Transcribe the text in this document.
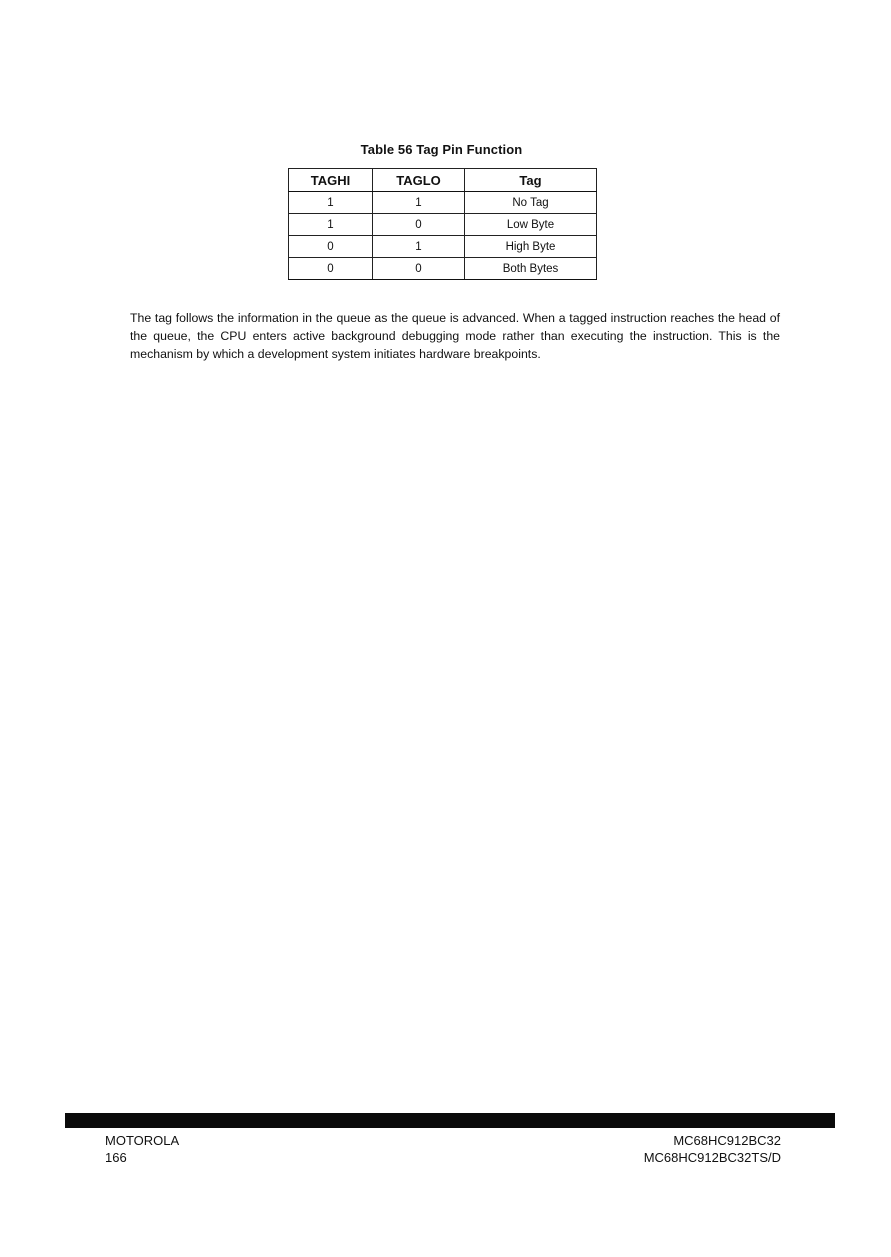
Table 56 Tag Pin Function
TAGHI	TAGLO	Tag
1	1	No Tag
1	0	Low Byte
0	1	High Byte
0	0	Both Bytes

The tag follows the information in the queue as the queue is advanced. When a tagged instruction reaches the head of the queue, the CPU enters active background debugging mode rather than executing the instruction. This is the mechanism by which a development system initiates hardware breakpoints.

MOTOROLA
166
MC68HC912BC32
MC68HC912BC32TS/D
